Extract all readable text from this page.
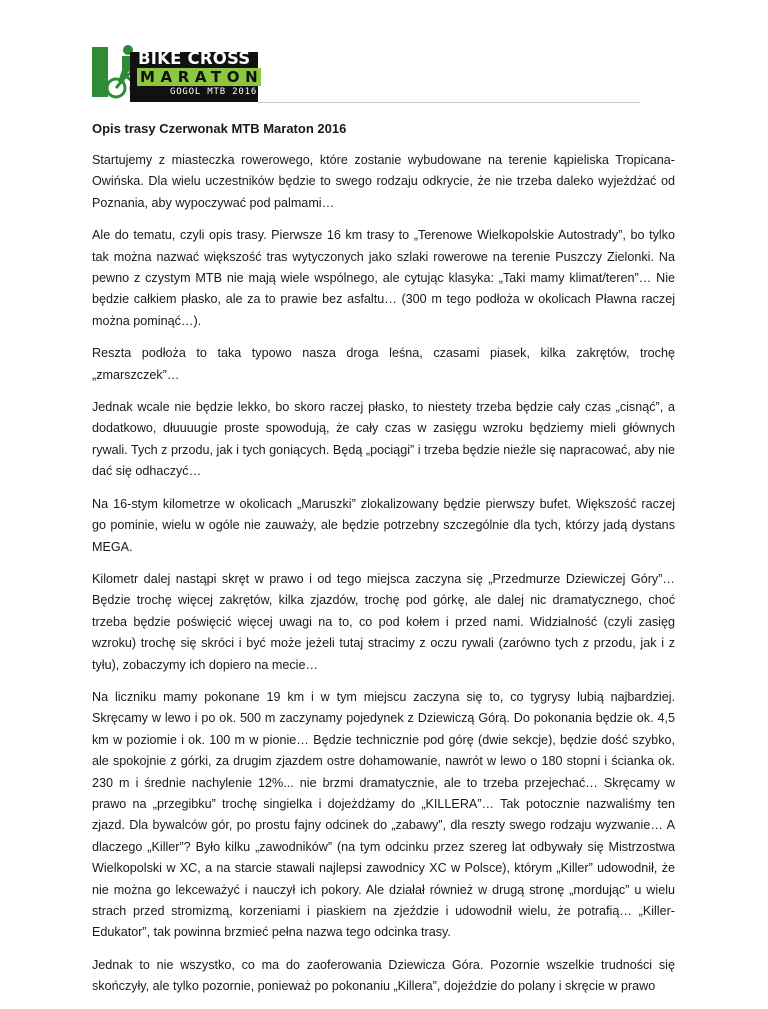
BIKE CROSS
MARATON
GOGOL MTB 2016
Opis trasy Czerwonak MTB Maraton 2016

Startujemy z miasteczka rowerowego, które zostanie wybudowane na terenie kąpieliska Tropicana-Owińska. Dla wielu uczestników będzie to swego rodzaju odkrycie, że nie trzeba daleko wyjeżdżać od Poznania, aby wypoczywać pod palmami…

Ale do tematu, czyli opis trasy. Pierwsze 16 km trasy to „Terenowe Wielkopolskie Autostrady”, bo tylko tak można nazwać większość tras wytyczonych jako szlaki rowerowe na terenie Puszczy Zielonki. Na pewno z czystym MTB nie mają wiele wspólnego, ale cytując klasyka: „Taki mamy klimat/teren”… Nie będzie całkiem płasko, ale za to prawie bez asfaltu… (300 m tego podłoża w okolicach Pławna raczej można pominąć…).

Reszta podłoża to taka typowo nasza droga leśna, czasami piasek, kilka zakrętów, trochę „zmarszczek”…

Jednak wcale nie będzie lekko, bo skoro raczej płasko, to niestety trzeba będzie cały czas „cisnąć”, a dodatkowo, dłuuuugie proste spowodują, że cały czas w zasięgu wzroku będziemy mieli głównych rywali. Tych z przodu, jak i tych goniących. Będą „pociągi” i trzeba będzie nieźle się napracować, aby nie dać się odhaczyć…

Na 16-stym kilometrze w okolicach „Maruszki” zlokalizowany będzie pierwszy bufet. Większość raczej go pominie, wielu w ogóle nie zauważy, ale będzie potrzebny szczególnie dla tych, którzy jadą dystans MEGA.

Kilometr dalej nastąpi skręt w prawo i od tego miejsca zaczyna się „Przedmurze Dziewiczej Góry”… Będzie trochę więcej zakrętów, kilka zjazdów, trochę pod górkę, ale dalej nic dramatycznego, choć trzeba będzie poświęcić więcej uwagi na to, co pod kołem i przed nami. Widzialność (czyli zasięg wzroku) trochę się skróci i być może jeżeli tutaj stracimy z oczu rywali (zarówno tych z przodu, jak i z tyłu), zobaczymy ich dopiero na mecie…

Na liczniku mamy pokonane 19 km i w tym miejscu zaczyna się to, co tygrysy lubią najbardziej. Skręcamy w lewo i po ok. 500 m zaczynamy pojedynek z Dziewiczą Górą. Do pokonania będzie ok. 4,5 km w poziomie i ok. 100 m w pionie… Będzie technicznie pod górę (dwie sekcje), będzie dość szybko, ale spokojnie z górki, za drugim zjazdem ostre dohamowanie, nawrót w lewo o 180 stopni i ścianka ok. 230 m i średnie nachylenie 12%... nie brzmi dramatycznie, ale to trzeba przejechać… Skręcamy w prawo na „przegibku” trochę singielka i dojeżdżamy do „KILLERA”… Tak potocznie nazwaliśmy ten zjazd. Dla bywalców gór, po prostu fajny odcinek do „zabawy”, dla reszty swego rodzaju wyzwanie… A dlaczego „Killer”? Było kilku „zawodników” (na tym odcinku przez szereg lat odbywały się Mistrzostwa Wielkopolski w XC, a na starcie stawali najlepsi zawodnicy XC w Polsce), którym „Killer” udowodnił, że nie można go lekceważyć i nauczył ich pokory. Ale działał również w drugą stronę „mordując” u wielu strach przed stromizmą, korzeniami i piaskiem na zjeździe i udowodnił wielu, że potrafią… „Killer-Edukator”, tak powinna brzmieć pełna nazwa tego odcinka trasy.

Jednak to nie wszystko, co ma do zaoferowania Dziewicza Góra. Pozornie wszelkie trudności się skończyły, ale tylko pozornie, ponieważ po pokonaniu „Killera”, dojeździe do polany i skręcie w prawo
